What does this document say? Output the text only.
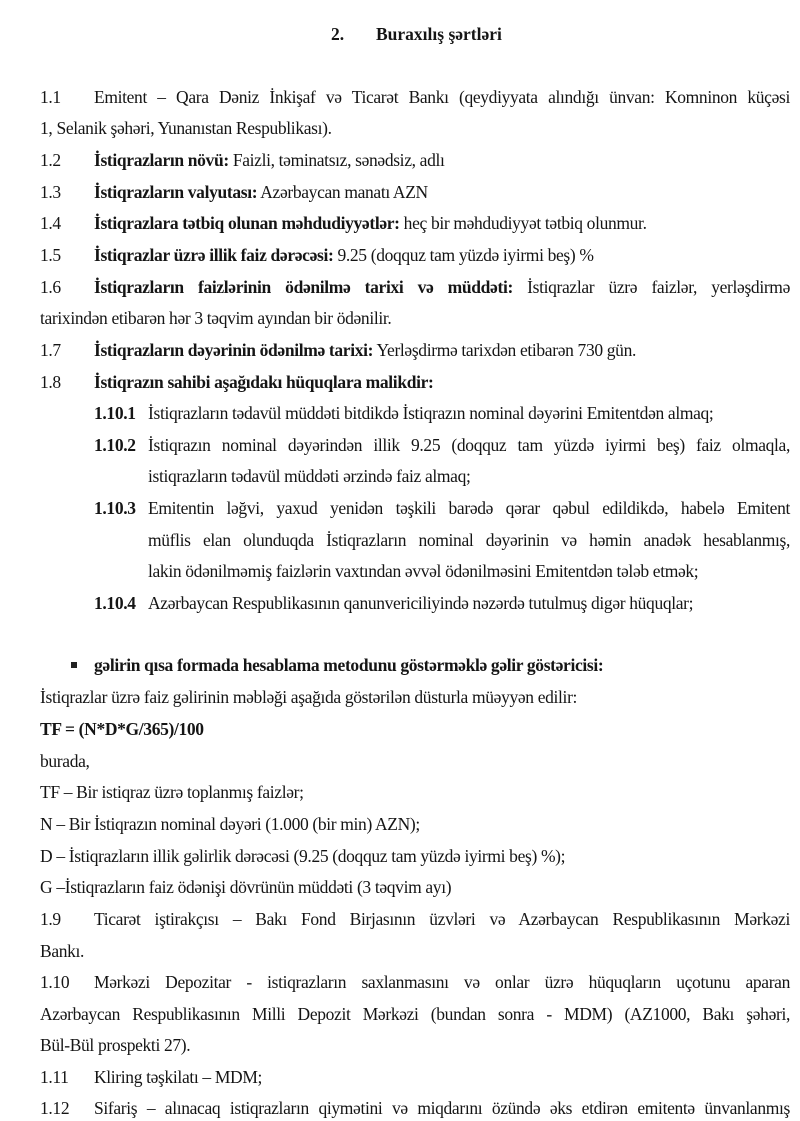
2. Buraxılış şərtləri
1.1 Emitent – Qara Dəniz İnkişaf və Ticarət Bankı (qeydiyyata alındığı ünvan: Komninon küçəsi
1, Selanik şəhəri, Yunanıstan Respublikası).
1.2 İstiqrazların növü: Faizli, təminatsız, sənədsiz, adlı
1.3 İstiqrazların valyutası: Azərbaycan manatı AZN
1.4 İstiqrazlara tətbiq olunan məhdudiyyətlər: heç bir məhdudiyyət tətbiq olunmur.
1.5 İstiqrazlar üzrə illik faiz dərəcəsi: 9.25 (doqquz tam yüzdə iyirmi beş) %
1.6 İstiqrazların faizlərinin ödənilmə tarixi və müddəti: İstiqrazlar üzrə faizlər, yerləşdirmə
tarixindən etibarən hər 3 təqvim ayından bir ödənilir.
1.7 İstiqrazların dəyərinin ödənilmə tarixi: Yerləşdirmə tarixdən etibarən 730 gün.
1.8 İstiqrazın sahibi aşağıdakı hüquqlara malikdir:
1.10.1 İstiqrazların tədavül müddəti bitdikdə İstiqrazın nominal dəyərini Emitentdən almaq;
1.10.2 İstiqrazın nominal dəyərindən illik 9.25 (doqquz tam yüzdə iyirmi beş) faiz olmaqla,
istiqrazların tədavül müddəti ərzində faiz almaq;
1.10.3 Emitentin ləğvi, yaxud yenidən təşkili barədə qərar qəbul edildikdə, habelə Emitent
müflis elan olunduqda İstiqrazların nominal dəyərinin və həmin anadək hesablanmış,
lakin ödənilməmiş faizlərin vaxtından əvvəl ödənilməsini Emitentdən tələb etmək;
1.10.4 Azərbaycan Respublikasının qanunvericiliyində nəzərdə tutulmuş digər hüquqlar;
gəlirin qısa formada hesablama metodunu göstərməklə gəlir göstəricisi:
İstiqrazlar üzrə faiz gəlirinin məbləği aşağıda göstərilən düsturla müəyyən edilir:
TF = (N*D*G/365)/100
burada,
TF – Bir istiqraz üzrə toplanmış faizlər;
N – Bir İstiqrazın nominal dəyəri (1.000 (bir min) AZN);
D – İstiqrazların illik gəlirlik dərəcəsi (9.25 (doqquz tam yüzdə iyirmi beş) %);
G –İstiqrazların faiz ödənişi dövrünün müddəti (3 təqvim ayı)
1.9 Ticarət iştirakçısı – Bakı Fond Birjasının üzvləri və Azərbaycan Respublikasının Mərkəzi
Bankı.
1.10 Mərkəzi Depozitar - istiqrazların saxlanmasını və onlar üzrə hüquqların uçotunu aparan
Azərbaycan Respublikasının Milli Depozit Mərkəzi (bundan sonra - MDM) (AZ1000, Bakı şəhəri,
Bül-Bül prospekti 27).
1.11 Kliring təşkilatı – MDM;
1.12 Sifariş – alınacaq istiqrazların qiymətini və miqdarını özündə əks etdirən emitentə ünvanlanmış
